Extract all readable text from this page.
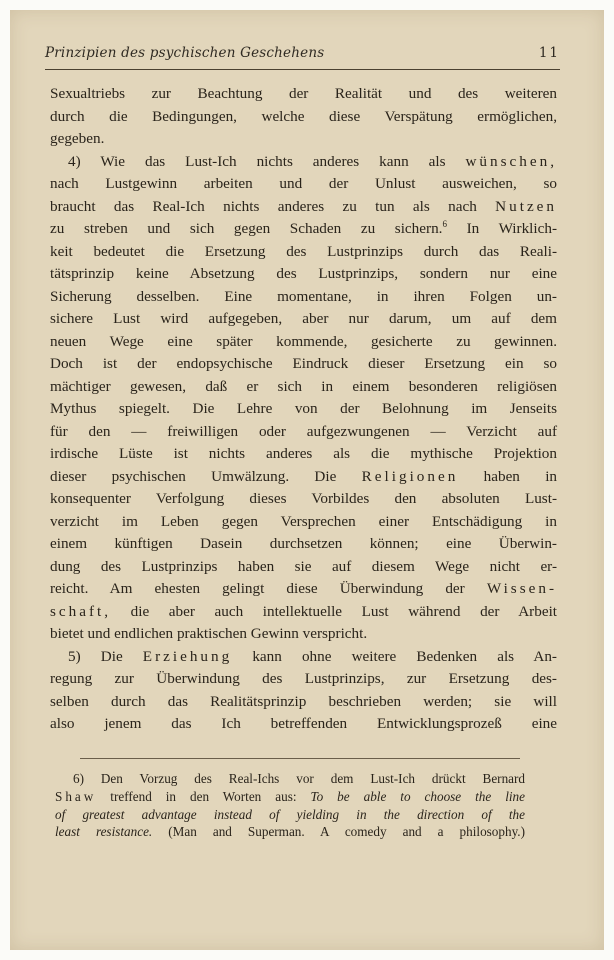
Prinzipien des psychischen Geschehens	11
Sexualtriebs zur Beachtung der Realität und des weiteren
durch die Bedingungen, welche diese Verspätung ermöglichen,
gegeben.
4) Wie das Lust-Ich nichts anderes kann als wünschen,
nach Lustgewinn arbeiten und der Unlust ausweichen, so
braucht das Real-Ich nichts anderes zu tun als nach Nutzen
zu streben und sich gegen Schaden zu sichern.$^6$ In Wirklich-
keit bedeutet die Ersetzung des Lustprinzips durch das Reali-
tätsprinzip keine Absetzung des Lustprinzips, sondern nur eine
Sicherung desselben. Eine momentane, in ihren Folgen un-
sichere Lust wird aufgegeben, aber nur darum, um auf dem
neuen Wege eine später kommende, gesicherte zu gewinnen.
Doch ist der endopsychische Eindruck dieser Ersetzung ein so
mächtiger gewesen, daß er sich in einem besonderen religiösen
Mythus spiegelt. Die Lehre von der Belohnung im Jenseits
für den — freiwilligen oder aufgezwungenen — Verzicht auf
irdische Lüste ist nichts anderes als die mythische Projektion
dieser psychischen Umwälzung. Die Religionen haben in
konsequenter Verfolgung dieses Vorbildes den absoluten Lust-
verzicht im Leben gegen Versprechen einer Entschädigung in
einem künftigen Dasein durchsetzen können; eine Überwin-
dung des Lustprinzips haben sie auf diesem Wege nicht er-
reicht. Am ehesten gelingt diese Überwindung der Wissen-
schaft, die aber auch intellektuelle Lust während der Arbeit
bietet und endlichen praktischen Gewinn verspricht.
5) Die Erziehung kann ohne weitere Bedenken als An-
regung zur Überwindung des Lustprinzips, zur Ersetzung des-
selben durch das Realitätsprinzip beschrieben werden; sie will
also jenem das Ich betreffenden Entwicklungsprozeß eine
6) Den Vorzug des Real-Ichs vor dem Lust-Ich drückt Bernard
Shaw treffend in den Worten aus: To be able to choose the line
of greatest advantage instead of yielding in the direction of the
least resistance. (Man and Superman. A comedy and a philosophy.)
